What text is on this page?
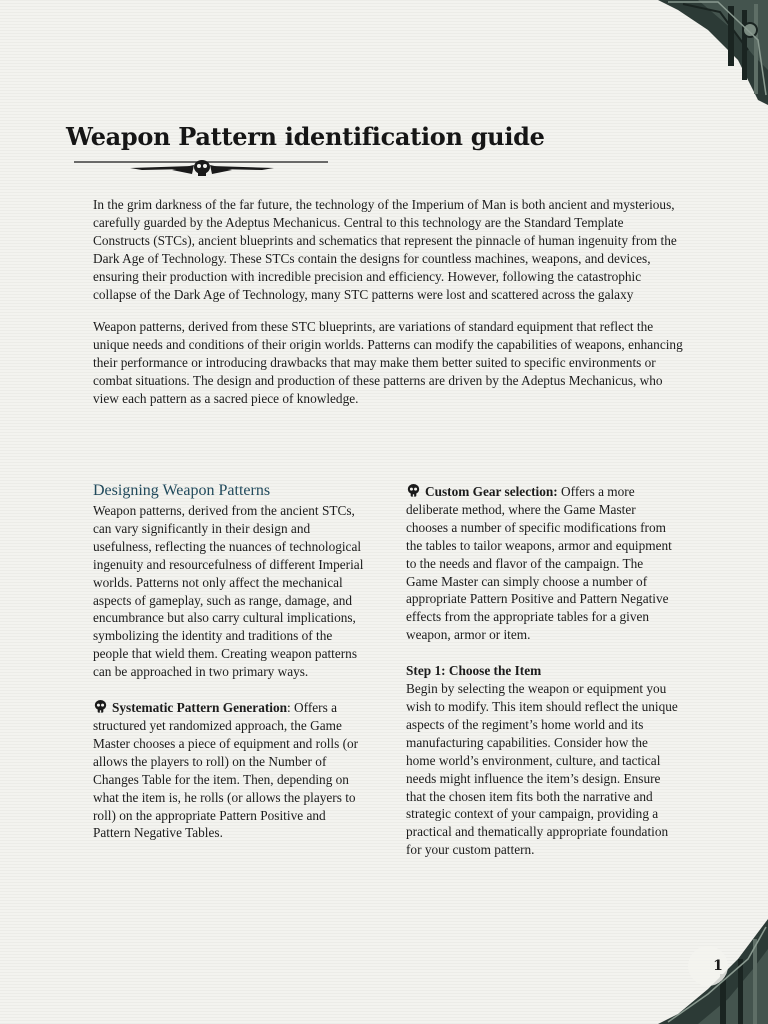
Weapon Pattern identification guide

In the grim darkness of the far future, the technology of the Imperium of Man is both ancient and mysterious, carefully guarded by the Adeptus Mechanicus. Central to this technology are the Standard Template Constructs (STCs), ancient blueprints and schematics that represent the pinnacle of human ingenuity from the Dark Age of Technology. These STCs contain the designs for countless machines, weapons, and devices, ensuring their production with incredible precision and efficiency. However, following the catastrophic collapse of the Dark Age of Technology, many STC patterns were lost and scattered across the galaxy

Weapon patterns, derived from these STC blueprints, are variations of standard equipment that reflect the unique needs and conditions of their origin worlds. Patterns can modify the capabilities of weapons, enhancing their performance or introducing drawbacks that may make them better suited to specific environments or combat situations. The design and production of these patterns are driven by the Adeptus Mechanicus, who view each pattern as a sacred piece of knowledge.

Designing Weapon Patterns

Weapon patterns, derived from the ancient STCs, can vary significantly in their design and usefulness, reflecting the nuances of technological ingenuity and resourcefulness of different Imperial worlds. Patterns not only affect the mechanical aspects of gameplay, such as range, damage, and encumbrance but also carry cultural implications, symbolizing the identity and traditions of the people that wield them. Creating weapon patterns can be approached in two primary ways.

Systematic Pattern Generation: Offers a structured yet randomized approach, the Game Master chooses a piece of equipment and rolls (or allows the players to roll) on the Number of Changes Table for the item. Then, depending on what the item is, he rolls (or allows the players to roll) on the appropriate Pattern Positive and Pattern Negative Tables.

Custom Gear selection: Offers a more deliberate method, where the Game Master chooses a number of specific modifications from the tables to tailor weapons, armor and equipment to the needs and flavor of the campaign. The Game Master can simply choose a number of appropriate Pattern Positive and Pattern Negative effects from the appropriate tables for a given weapon, armor or item.

Step 1: Choose the Item

Begin by selecting the weapon or equipment you wish to modify. This item should reflect the unique aspects of the regiment’s home world and its manufacturing capabilities. Consider how the home world’s environment, culture, and tactical needs might influence the item’s design. Ensure that the chosen item fits both the narrative and strategic context of your campaign, providing a practical and thematically appropriate foundation for your custom pattern.

1
